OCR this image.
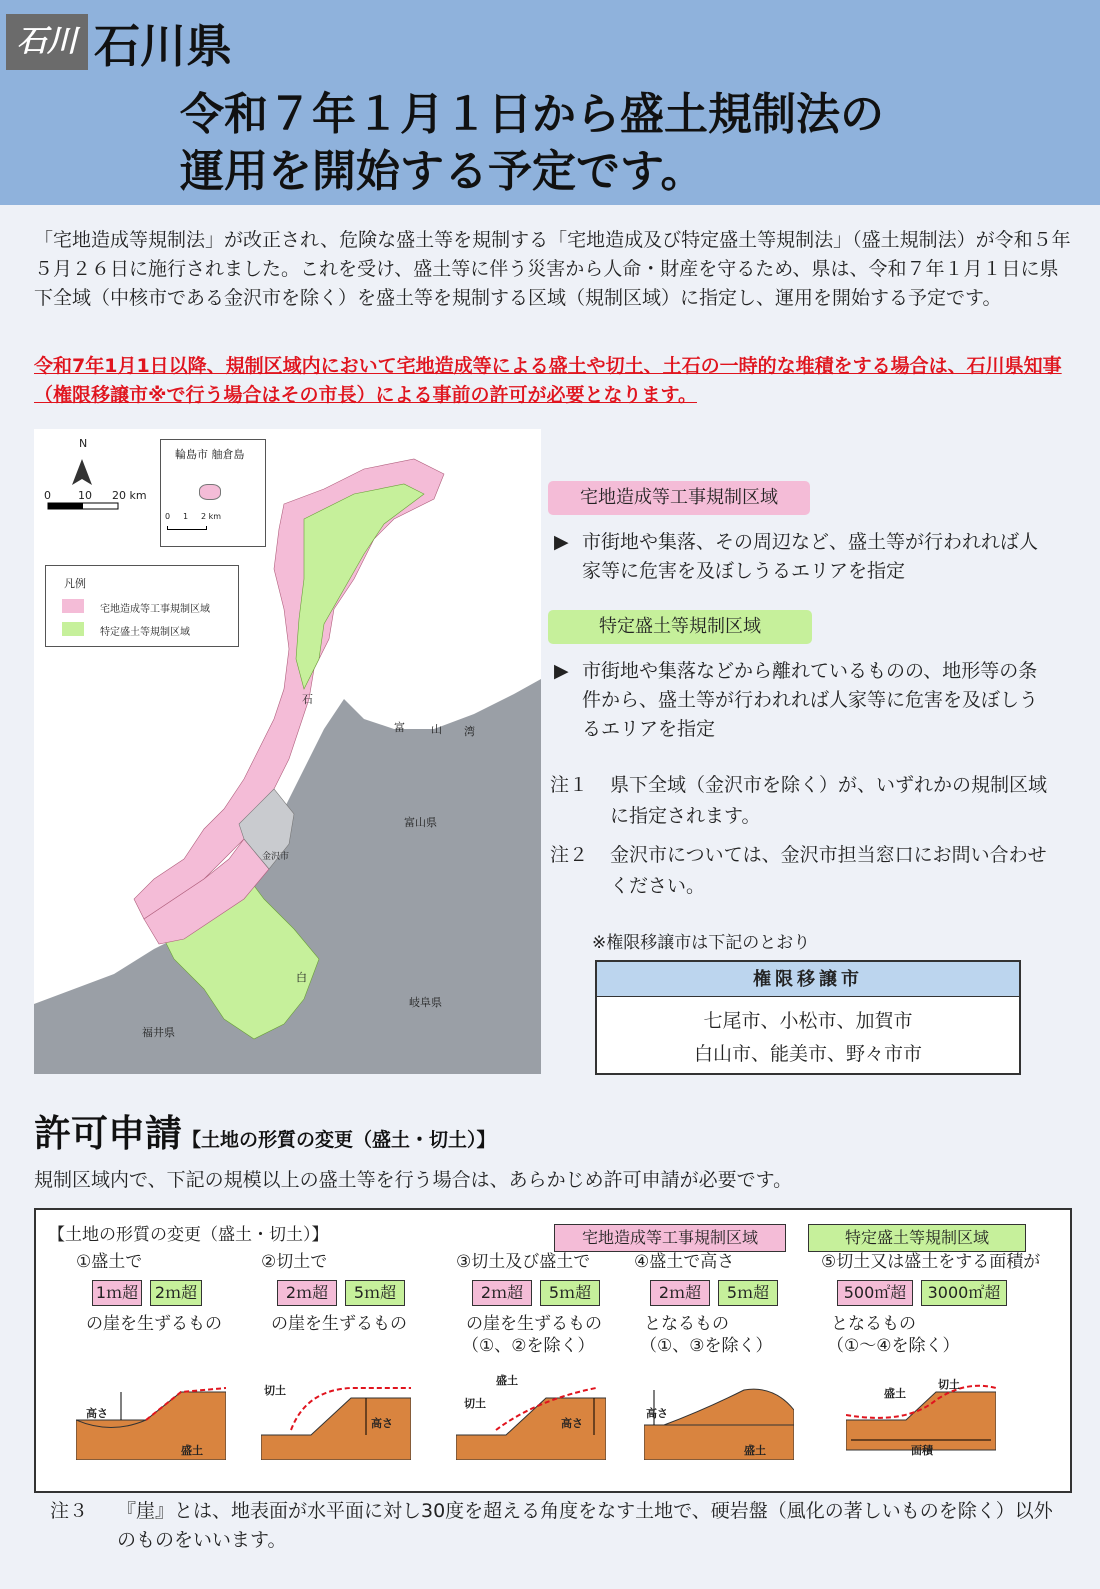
石川 石川県
令和７年１月１日から盛土規制法の
運用を開始する予定です。
「宅地造成等規制法」が改正され、危険な盛土等を規制する「宅地造成及び特定盛土等規制法」（盛土規制法）が令和５年５月２６日に施行されました。これを受け、盛土等に伴う災害から人命・財産を守るため、県は、令和７年１月１日に県下全域（中核市である金沢市を除く）を盛土等を規制する区域（規制区域）に指定し、運用を開始する予定です。
令和7年1月1日以降、規制区域内において宅地造成等による盛土や切土、土石の一時的な堆積をする場合は、石川県知事（権限移譲市※で行う場合はその市長）による事前の許可が必要となります。
N
0 10 20 km
輪島市 舳倉島
0 1 2 km
凡例
宅地造成等工事規制区域
特定盛土等規制区域
富山県
岐阜県
福井県
金沢市
富 山 湾
石
白
宅地造成等工事規制区域
▶ 市街地や集落、その周辺など、盛土等が行われれば人家等に危害を及ぼしうるエリアを指定
特定盛土等規制区域
▶ 市街地や集落などから離れているものの、地形等の条件から、盛土等が行われれば人家等に危害を及ぼしうるエリアを指定
注１ 県下全域（金沢市を除く）が、いずれかの規制区域に指定されます。
注２ 金沢市については、金沢市担当窓口にお問い合わせください。
※権限移譲市は下記のとおり
権限移譲市
七尾市、小松市、加賀市
白山市、能美市、野々市市
許可申請【土地の形質の変更（盛土・切土）】
規制区域内で、下記の規模以上の盛土等を行う場合は、あらかじめ許可申請が必要です。
【土地の形質の変更（盛土・切土）】	宅地造成等工事規制区域	特定盛土等規制区域
①盛土で
1ｍ超	2ｍ超
の崖を生ずるもの
②切土で
2ｍ超	5ｍ超
の崖を生ずるもの
③切土及び盛土で
2ｍ超	5ｍ超
の崖を生ずるもの
（①、②を除く）
④盛土で高さ
2ｍ超	5ｍ超
となるもの
（①、③を除く）
⑤切土又は盛土をする面積が
500㎡超	3000㎡超
となるもの
（①～④を除く）
高さ
盛土
切土
高さ
盛土
切土
高さ
高さ
盛土
盛土
切土
面積
注３ 『崖』とは、地表面が水平面に対し30度を超える角度をなす土地で、硬岩盤（風化の著しいものを除く）以外のものをいいます。
